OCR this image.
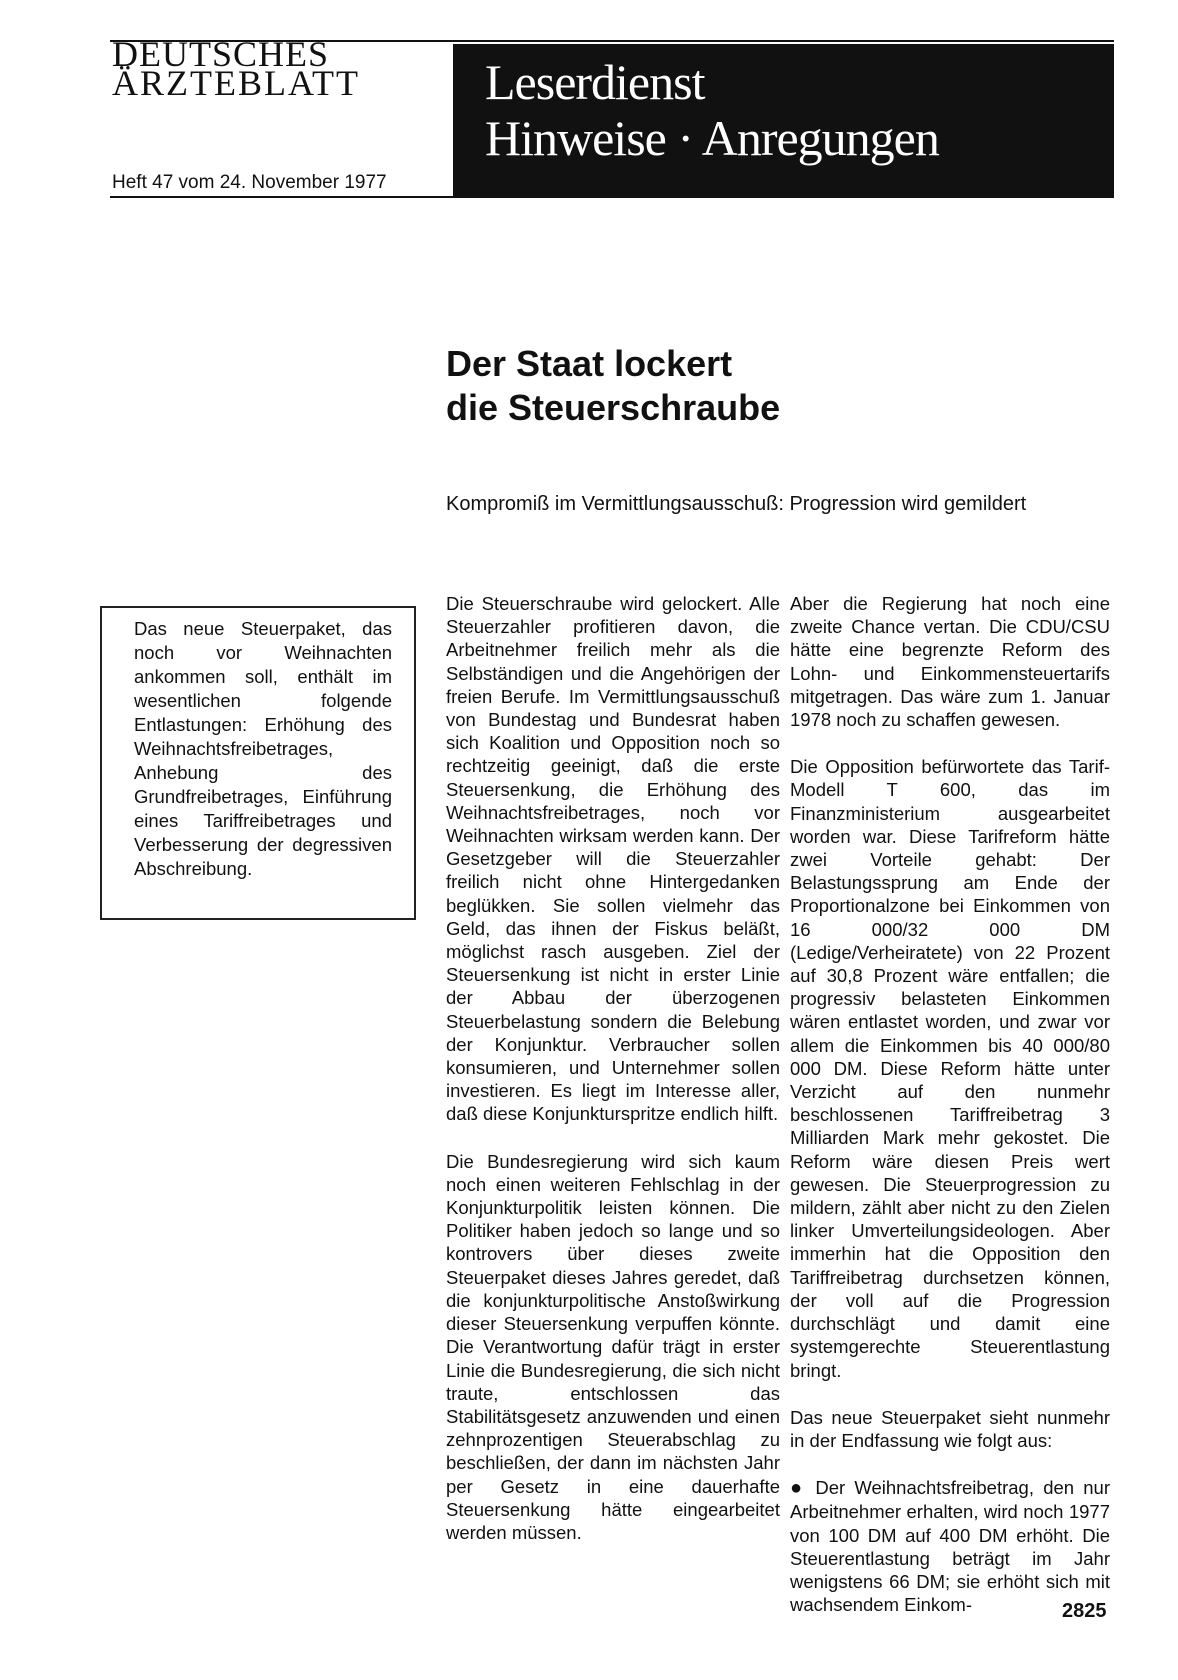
DEUTSCHES
ÄRZTEBLATT
Heft 47 vom 24. November 1977
Leserdienst
Hinweise · Anregungen
Der Staat lockert
die Steuerschraube
Kompromiß im Vermittlungsausschuß: Progression wird gemildert

Das neue Steuerpaket, das noch vor Weihnachten ankommen soll, enthält im wesentlichen folgende Entlastungen: Erhöhung des Weihnachtsfreibetrages, Anhebung des Grundfreibetrages, Einführung eines Tariffreibetrages und Verbesserung der degressiven Abschreibung.

Die Steuerschraube wird gelockert. Alle Steuerzahler profitieren davon, die Arbeitnehmer freilich mehr als die Selbständigen und die Angehörigen der freien Berufe. Im Vermittlungsausschuß von Bundestag und Bundesrat haben sich Koalition und Opposition noch so rechtzeitig geeinigt, daß die erste Steuersenkung, die Erhöhung des Weihnachtsfreibetrages, noch vor Weihnachten wirksam werden kann. Der Gesetzgeber will die Steuerzahler freilich nicht ohne Hintergedanken beglükken. Sie sollen vielmehr das Geld, das ihnen der Fiskus beläßt, möglichst rasch ausgeben. Ziel der Steuersenkung ist nicht in erster Linie der Abbau der überzogenen Steuerbelastung sondern die Belebung der Konjunktur. Verbraucher sollen konsumieren, und Unternehmer sollen investieren. Es liegt im Interesse aller, daß diese Konjunkturspritze endlich hilft.

Die Bundesregierung wird sich kaum noch einen weiteren Fehlschlag in der Konjunkturpolitik leisten können. Die Politiker haben jedoch so lange und so kontrovers über dieses zweite Steuerpaket dieses Jahres geredet, daß die konjunkturpolitische Anstoßwirkung dieser Steuersenkung verpuffen könnte. Die Verantwortung dafür trägt in erster Linie die Bundesregierung, die sich nicht traute, entschlossen das Stabilitätsgesetz anzuwenden und einen zehnprozentigen Steuerabschlag zu beschließen, der dann im nächsten Jahr per Gesetz in eine dauerhafte Steuersenkung hätte eingearbeitet werden müssen.

Aber die Regierung hat noch eine zweite Chance vertan. Die CDU/CSU hätte eine begrenzte Reform des Lohn- und Einkommensteuertarifs mitgetragen. Das wäre zum 1. Januar 1978 noch zu schaffen gewesen.

Die Opposition befürwortete das Tarif-Modell T 600, das im Finanzministerium ausgearbeitet worden war. Diese Tarifreform hätte zwei Vorteile gehabt: Der Belastungssprung am Ende der Proportionalzone bei Einkommen von 16 000/32 000 DM (Ledige/Verheiratete) von 22 Prozent auf 30,8 Prozent wäre entfallen; die progressiv belasteten Einkommen wären entlastet worden, und zwar vor allem die Einkommen bis 40 000/80 000 DM. Diese Reform hätte unter Verzicht auf den nunmehr beschlossenen Tariffreibetrag 3 Milliarden Mark mehr gekostet. Die Reform wäre diesen Preis wert gewesen. Die Steuerprogression zu mildern, zählt aber nicht zu den Zielen linker Umverteilungsideologen. Aber immerhin hat die Opposition den Tariffreibetrag durchsetzen können, der voll auf die Progression durchschlägt und damit eine systemgerechte Steuerentlastung bringt.

Das neue Steuerpaket sieht nunmehr in der Endfassung wie folgt aus:

● Der Weihnachtsfreibetrag, den nur Arbeitnehmer erhalten, wird noch 1977 von 100 DM auf 400 DM erhöht. Die Steuerentlastung beträgt im Jahr wenigstens 66 DM; sie erhöht sich mit wachsendem Einkom-	2825
